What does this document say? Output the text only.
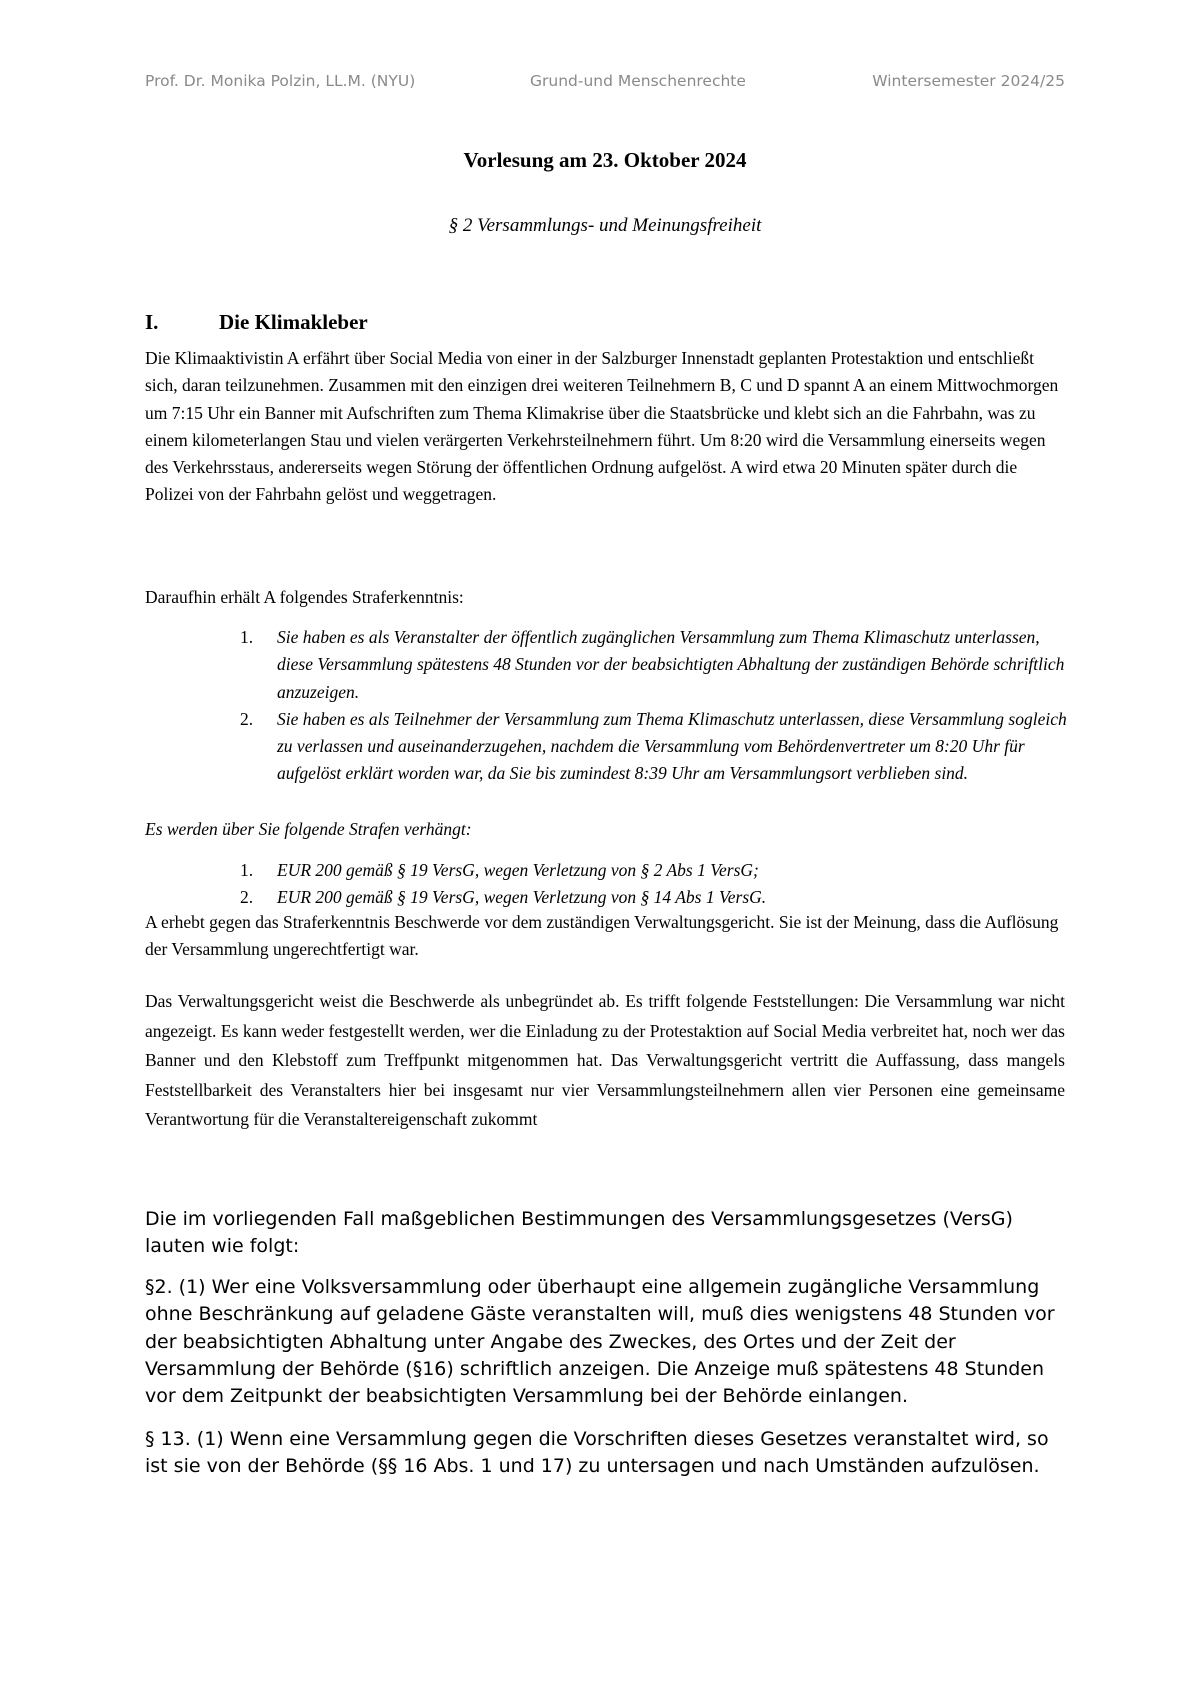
Prof. Dr. Monika Polzin, LL.M. (NYU)	Grund-und Menschenrechte	Wintersemester 2024/25
Vorlesung am 23. Oktober 2024
§ 2 Versammlungs- und Meinungsfreiheit
I.	Die Klimakleber

Die Klimaaktivistin A erfährt über Social Media von einer in der Salzburger Innenstadt geplanten Protestaktion und entschließt sich, daran teilzunehmen. Zusammen mit den einzigen drei weiteren Teilnehmern B, C und D spannt A an einem Mittwochmorgen um 7:15 Uhr ein Banner mit Aufschriften zum Thema Klimakrise über die Staatsbrücke und klebt sich an die Fahrbahn, was zu einem kilometerlangen Stau und vielen verärgerten Verkehrsteilnehmern führt. Um 8:20 wird die Versammlung einerseits wegen des Verkehrsstaus, andererseits wegen Störung der öffentlichen Ordnung aufgelöst. A wird etwa 20 Minuten später durch die Polizei von der Fahrbahn gelöst und weggetragen.

Daraufhin erhält A folgendes Straferkenntnis:

1. Sie haben es als Veranstalter der öffentlich zugänglichen Versammlung zum Thema Klimaschutz unterlassen, diese Versammlung spätestens 48 Stunden vor der beabsichtigten Abhaltung der zuständigen Behörde schriftlich anzuzeigen.
2. Sie haben es als Teilnehmer der Versammlung zum Thema Klimaschutz unterlassen, diese Versammlung sogleich zu verlassen und auseinanderzugehen, nachdem die Versammlung vom Behördenvertreter um 8:20 Uhr für aufgelöst erklärt worden war, da Sie bis zumindest 8:39 Uhr am Versammlungsort verblieben sind.
Es werden über Sie folgende Strafen verhängt:
1. EUR 200 gemäß § 19 VersG, wegen Verletzung von § 2 Abs 1 VersG;
2. EUR 200 gemäß § 19 VersG, wegen Verletzung von § 14 Abs 1 VersG.

A erhebt gegen das Straferkenntnis Beschwerde vor dem zuständigen Verwaltungsgericht. Sie ist der Meinung, dass die Auflösung der Versammlung ungerechtfertigt war.

Das Verwaltungsgericht weist die Beschwerde als unbegründet ab. Es trifft folgende Feststellungen: Die Versammlung war nicht angezeigt. Es kann weder festgestellt werden, wer die Einladung zu der Protestaktion auf Social Media verbreitet hat, noch wer das Banner und den Klebstoff zum Treffpunkt mitgenommen hat. Das Verwaltungsgericht vertritt die Auffassung, dass mangels Feststellbarkeit des Veranstalters hier bei insgesamt nur vier Versammlungsteilnehmern allen vier Personen eine gemeinsame Verantwortung für die Veranstaltereigenschaft zukommt

Die im vorliegenden Fall maßgeblichen Bestimmungen des Versammlungsgesetzes (VersG) lauten wie folgt:

§2. (1) Wer eine Volksversammlung oder überhaupt eine allgemein zugängliche Versammlung ohne Beschränkung auf geladene Gäste veranstalten will, muß dies wenigstens 48 Stunden vor der beabsichtigten Abhaltung unter Angabe des Zweckes, des Ortes und der Zeit der Versammlung der Behörde (§16) schriftlich anzeigen. Die Anzeige muß spätestens 48 Stunden vor dem Zeitpunkt der beabsichtigten Versammlung bei der Behörde einlangen.

§ 13. (1) Wenn eine Versammlung gegen die Vorschriften dieses Gesetzes veranstaltet wird, so ist sie von der Behörde (§§ 16 Abs. 1 und 17) zu untersagen und nach Umständen aufzulösen.
